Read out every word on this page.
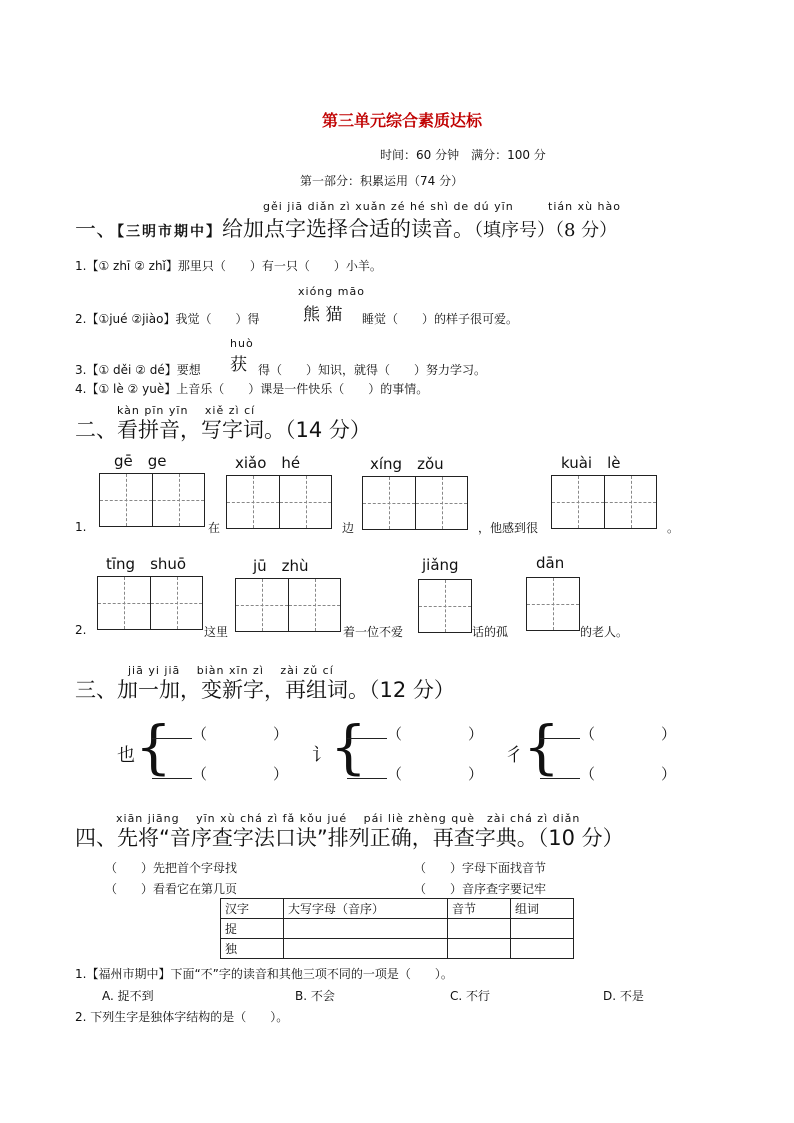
第三单元综合素质达标
时间：60 分钟　满分：100 分
第一部分：积累运用（74 分）
gěi jiā diǎn zì xuǎn zé hé shì de dú yīn	tián xù hào
一、【三明市期中】给加点字选择合适的读音。（填序号）（8 分）
1.【① zhī ② zhǐ】那里只（　　）有一只（　　）小羊。
xióng māo
2.【①jué ②jiào】我觉（　　）得	熊 猫 睡觉（　　）的样子很可爱。
huò
3.【① děi ② dé】要想 获 得（　　）知识，就得（　　）努力学习。
4.【① lè ② yuè】上音乐（　　）课是一件快乐（　　）的事情。
kàn pīn yīn　 xiě zì cí
二、看拼音，写字词。（14 分）
1.
gē　ge
在
xiǎo　hé
边
xíng　zǒu
，他感到很
kuài　lè
。
2.
tīng　shuō
这里
jū　zhù
着一位不爱
jiǎng
话的孤
dān
的老人。
jiā yi jiā　 biàn xīn zì　 zài zǔ cí
三、加一加，变新字，再组词。（12 分）
也 {	（	）
（	）
讠 {	（	）
（	）
彳 {	（	）
（	）
xiān jiāng　 yīn xù chá zì fǎ kǒu jué　 pái liè zhèng què　zài chá zì diǎn
四、先将“音序查字法口诀”排列正确，再查字典。（10 分）
（　　）先把首个字母找	（　　）字母下面找音节
（　　）看看它在第几页	（　　）音序查字要记牢
汉字	大写字母（音序）	音节	组词
捉			
独			
1.【福州市期中】下面“不”字的读音和其他三项不同的一项是（　　）。
A. 捉不到	B. 不会	C. 不行	D. 不是
2. 下列生字是独体字结构的是（　　）。
